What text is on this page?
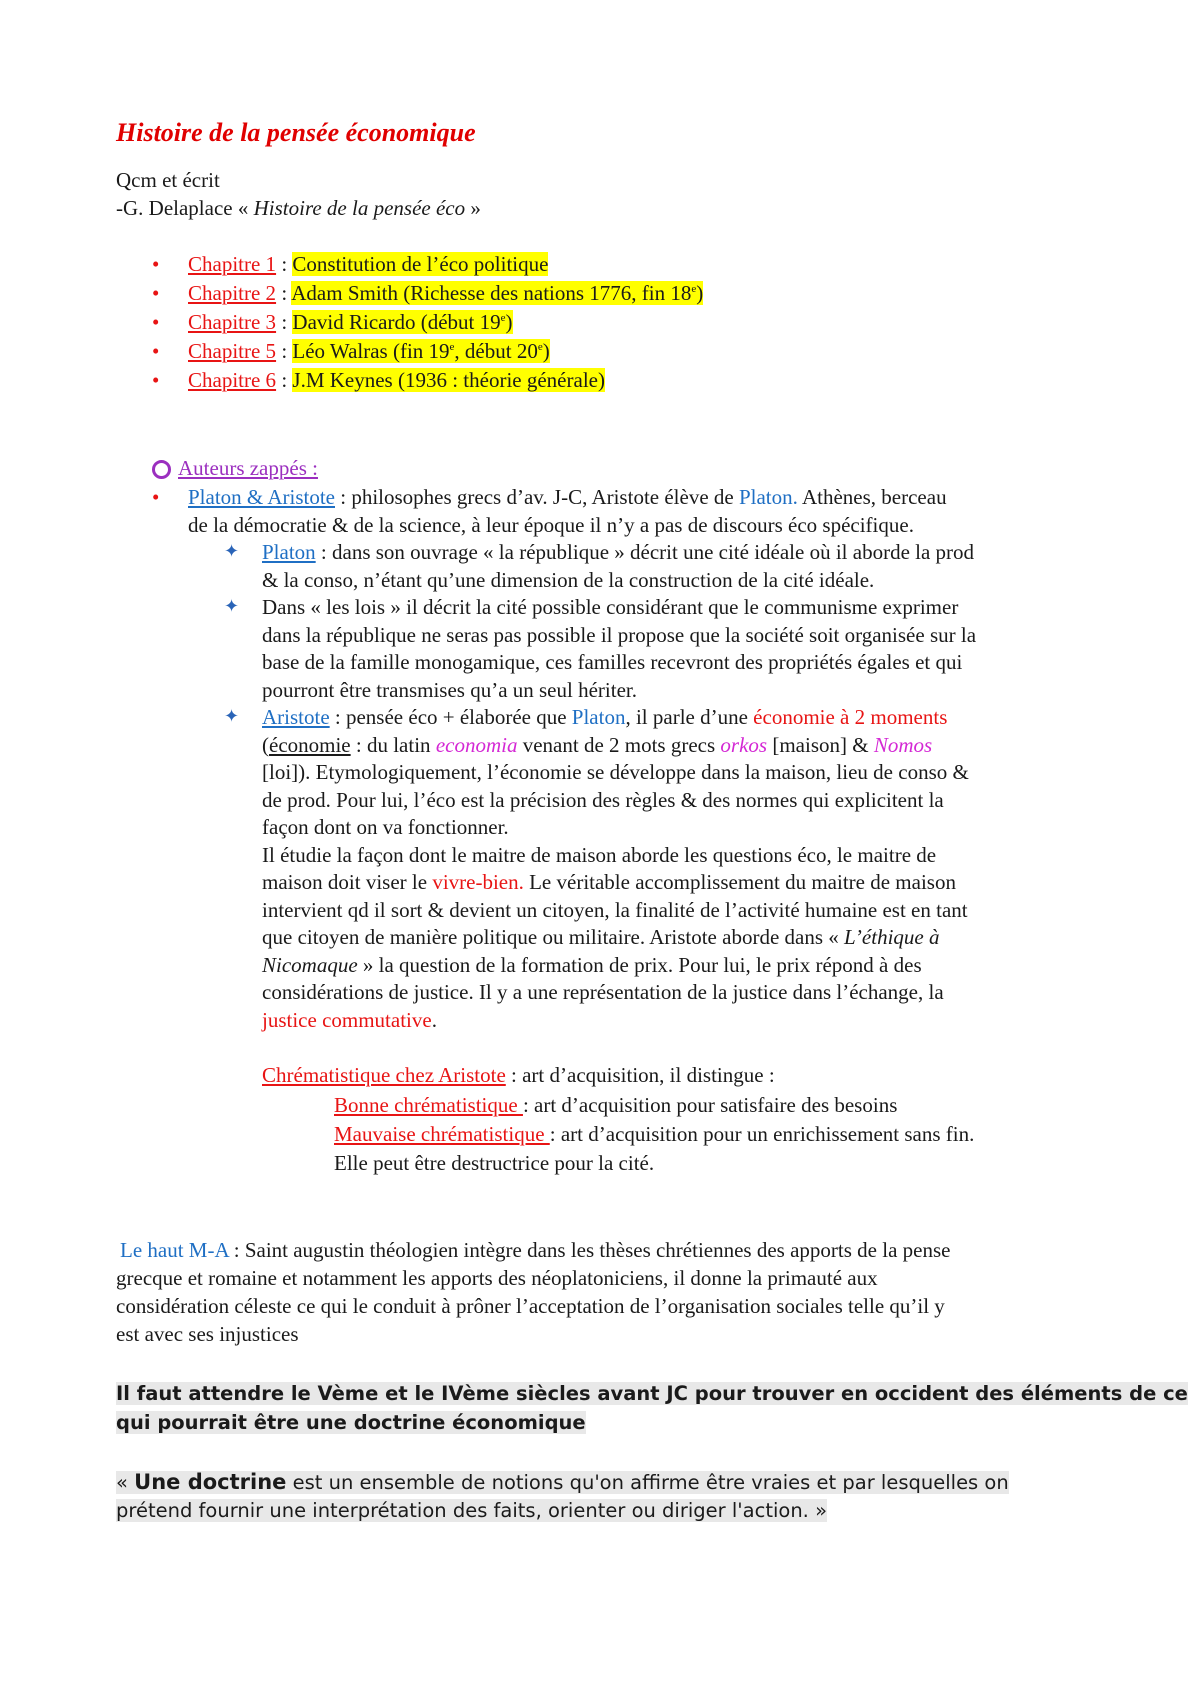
Histoire de la pensée économique
Qcm et écrit
-G. Delaplace « Histoire de la pensée éco »
• Chapitre 1 : Constitution de l’éco politique
• Chapitre 2 : Adam Smith (Richesse des nations 1776, fin 18e)
• Chapitre 3 : David Ricardo (début 19e)
• Chapitre 5 : Léo Walras (fin 19e, début 20e)
• Chapitre 6 : J.M Keynes (1936 : théorie générale)
Auteurs zappés :
• Platon & Aristote : philosophes grecs d’av. J-C, Aristote élève de Platon. Athènes, berceau
de la démocratie & de la science, à leur époque il n’y a pas de discours éco spécifique.
✦ Platon : dans son ouvrage « la république » décrit une cité idéale où il aborde la prod
& la conso, n’étant qu’une dimension de la construction de la cité idéale.
✦ Dans « les lois » il décrit la cité possible considérant que le communisme exprimer
dans la république ne seras pas possible il propose que la société soit organisée sur la
base de la famille monogamique, ces familles recevront des propriétés égales et qui
pourront être transmises qu’a un seul hériter.
✦ Aristote : pensée éco + élaborée que Platon, il parle d’une économie à 2 moments
(économie : du latin economia venant de 2 mots grecs orkos [maison] & Nomos
[loi]). Etymologiquement, l’économie se développe dans la maison, lieu de conso &
de prod. Pour lui, l’éco est la précision des règles & des normes qui explicitent la
façon dont on va fonctionner.
Il étudie la façon dont le maitre de maison aborde les questions éco, le maitre de
maison doit viser le vivre-bien. Le véritable accomplissement du maitre de maison
intervient qd il sort & devient un citoyen, la finalité de l’activité humaine est en tant
que citoyen de manière politique ou militaire. Aristote aborde dans « L’éthique à
Nicomaque » la question de la formation de prix. Pour lui, le prix répond à des
considérations de justice. Il y a une représentation de la justice dans l’échange, la
justice commutative.
Chrématistique chez Aristote : art d’acquisition, il distingue :
Bonne chrématistique : art d’acquisition pour satisfaire des besoins
Mauvaise chrématistique : art d’acquisition pour un enrichissement sans fin.
Elle peut être destructrice pour la cité.
Le haut M-A : Saint augustin théologien intègre dans les thèses chrétiennes des apports de la pense
grecque et romaine et notamment les apports des néoplatoniciens, il donne la primauté aux
considération céleste ce qui le conduit à prôner l’acceptation de l’organisation sociales telle qu’il y
est avec ses injustices
Il faut attendre le Vème et le IVème siècles avant JC pour trouver en occident des éléments de ce
qui pourrait être une doctrine économique
« Une doctrine est un ensemble de notions qu'on affirme être vraies et par lesquelles on
prétend fournir une interprétation des faits, orienter ou diriger l'action. »
